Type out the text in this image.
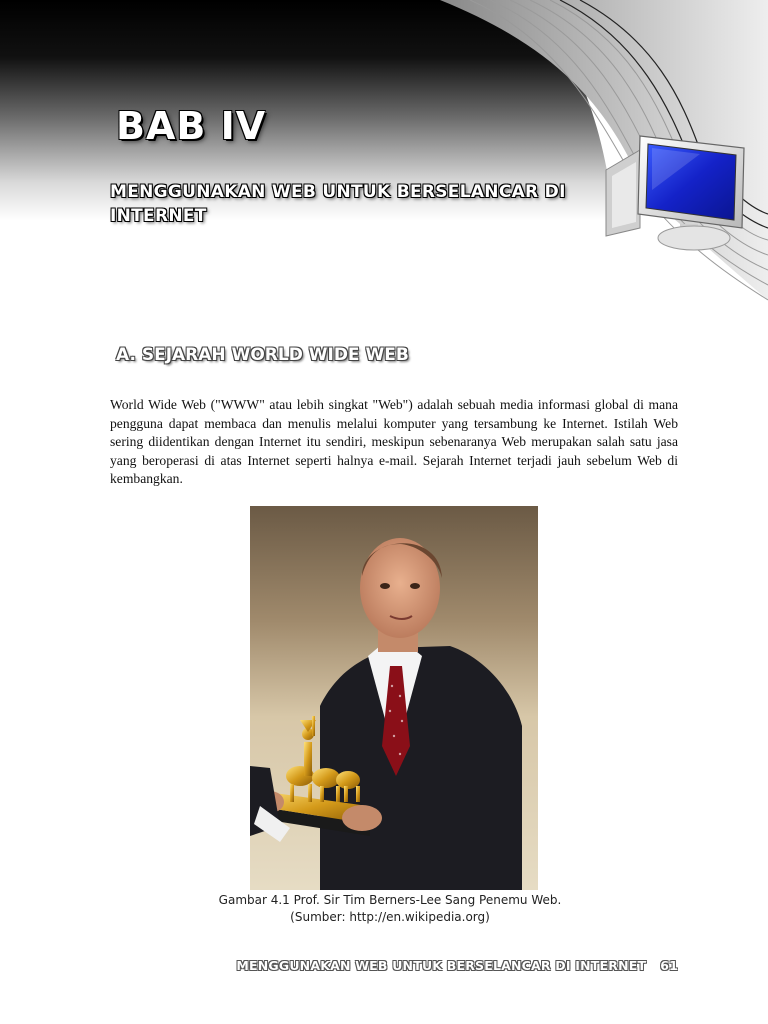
BAB IV
MENGGUNAKAN WEB UNTUK BERSELANCAR DI
INTERNET
A. SEJARAH WORLD WIDE WEB

World Wide Web ("WWW" atau lebih singkat "Web") adalah sebuah media informasi global di mana pengguna dapat membaca dan menulis melalui komputer yang tersambung ke Internet. Istilah Web sering diidentikan dengan Internet itu sendiri, meskipun sebenaranya Web merupakan salah satu jasa yang beroperasi di atas Internet seperti halnya e-mail. Sejarah Internet terjadi jauh sebelum Web di kembangkan.

Gambar 4.1 Prof. Sir Tim Berners-Lee Sang Penemu Web.
(Sumber: http://en.wikipedia.org)
MENGGUNAKAN WEB UNTUK BERSELANCAR DI INTERNET 61
